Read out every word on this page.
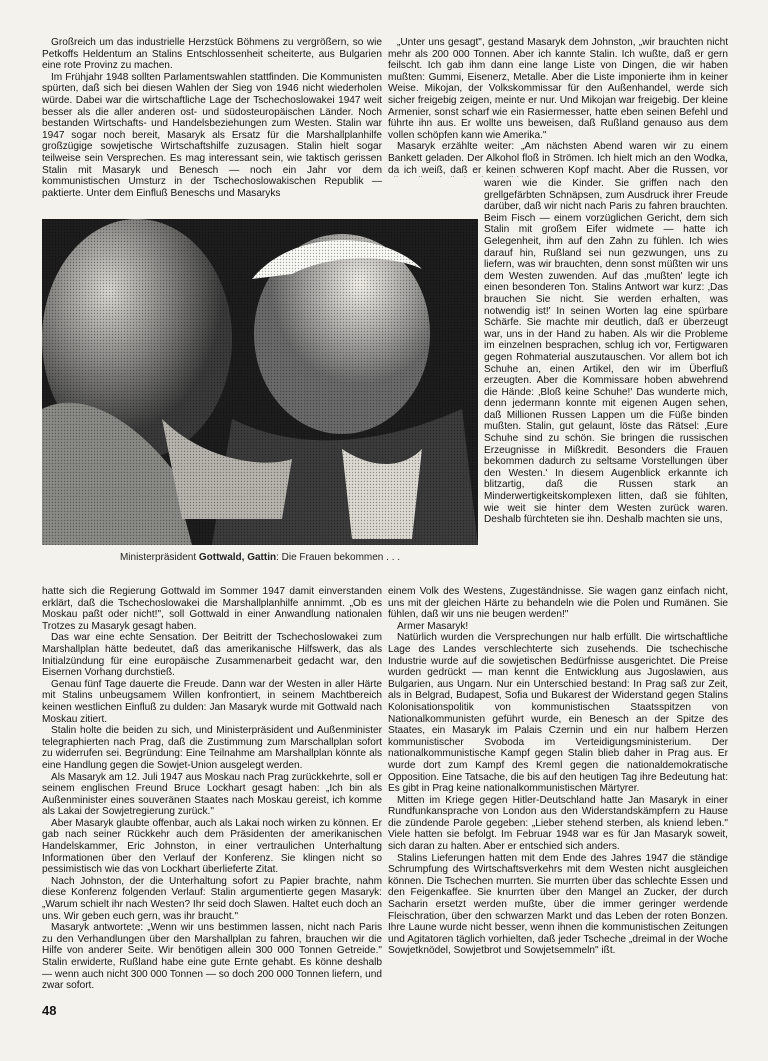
Großreich um das industrielle Herzstück Böhmens zu vergrößern, so wie Petkoffs Heldentum an Stalins Entschlossenheit scheiterte, aus Bulgarien eine rote Provinz zu machen.

Im Frühjahr 1948 sollten Parlamentswahlen stattfinden. Die Kommunisten spürten, daß sich bei diesen Wahlen der Sieg von 1946 nicht wiederholen würde. Dabei war die wirtschaftliche Lage der Tschechoslowakei 1947 weit besser als die aller anderen ost- und südosteuropäischen Länder. Noch bestanden Wirtschafts- und Handelsbeziehungen zum Westen. Stalin war 1947 sogar noch bereit, Masaryk als Ersatz für die Marshallplanhilfe großzügige sowjetische Wirtschaftshilfe zuzusagen. Stalin hielt sogar teilweise sein Versprechen. Es mag interessant sein, wie taktisch gerissen Stalin mit Masaryk und Benesch — noch ein Jahr vor dem kommunistischen Umsturz in der Tschechoslowakischen Republik — paktierte. Unter dem Einfluß Beneschs und Masaryks

„Unter uns gesagt", gestand Masaryk dem Johnston, „wir brauchten nicht mehr als 200 000 Tonnen. Aber ich kannte Stalin. Ich wußte, daß er gern feilscht. Ich gab ihm dann eine lange Liste von Dingen, die wir haben mußten: Gummi, Eisenerz, Metalle. Aber die Liste imponierte ihm in keiner Weise. Mikojan, der Volkskommissar für den Außenhandel, werde sich sicher freigebig zeigen, meinte er nur. Und Mikojan war freigebig. Der kleine Armenier, sonst scharf wie ein Rasiermesser, hatte eben seinen Befehl und führte ihn aus. Er wollte uns beweisen, daß Rußland genauso aus dem vollen schöpfen kann wie Amerika."

Masaryk erzählte weiter: „Am nächsten Abend waren wir zu einem Bankett geladen. Der Alkohol floß in Strömen. Ich hielt mich an den Wodka, da ich weiß, daß er keinen schweren Kopf macht. Aber die Russen, vor

waren wie die Kinder. Sie griffen nach den grellgefärbten Schnäpsen, zum Ausdruck ihrer Freude darüber, daß wir nicht nach Paris zu fahren brauchten. Beim Fisch — einem vorzüglichen Gericht, dem sich Stalin mit großem Eifer widmete — hatte ich Gelegenheit, ihm auf den Zahn zu fühlen. Ich wies darauf hin, Rußland sei nun gezwungen, uns zu liefern, was wir brauchten, denn sonst müßten wir uns dem Westen zuwenden. Auf das ‚mußten' legte ich einen besonderen Ton. Stalins Antwort war kurz: ‚Das brauchen Sie nicht. Sie werden erhalten, was notwendig ist!' In seinen Worten lag eine spürbare Schärfe. Sie machte mir deutlich, daß er überzeugt war, uns in der Hand zu haben. Als wir die Probleme im einzelnen besprachen, schlug ich vor, Fertigwaren gegen Rohmaterial auszutauschen. Vor allem bot ich Schuhe an, einen Artikel, den wir im Überfluß erzeugten. Aber die Kommissare hoben abwehrend die Hände: ‚Bloß keine Schuhe!' Das wunderte mich, denn jedermann konnte mit eigenen Augen sehen, daß Millionen Russen Lappen um die Füße binden mußten. Stalin, gut gelaunt, löste das Rätsel: ‚Eure Schuhe sind zu schön. Sie bringen die russischen Erzeugnisse in Mißkredit. Besonders die Frauen bekommen dadurch zu seltsame Vorstellungen über den Westen.' In diesem Augenblick erkannte ich blitzartig, daß die Russen stark an Minderwertigkeitskomplexen litten, daß sie fühlten, wie weit sie hinter dem Westen zurück waren. Deshalb fürchteten sie ihn. Deshalb machten sie uns,

Ministerpräsident Gottwald, Gattin: Die Frauen bekommen . . .

hatte sich die Regierung Gottwald im Sommer 1947 damit einverstanden erklärt, daß die Tschechoslowakei die Marshallplanhilfe annimmt. „Ob es Moskau paßt oder nicht!", soll Gottwald in einer Anwandlung nationalen Trotzes zu Masaryk gesagt haben.

Das war eine echte Sensation. Der Beitritt der Tschechoslowakei zum Marshallplan hätte bedeutet, daß das amerikanische Hilfswerk, das als Initialzündung für eine europäische Zusammenarbeit gedacht war, den Eisernen Vorhang durchstieß.

Genau fünf Tage dauerte die Freude. Dann war der Westen in aller Härte mit Stalins unbeugsamem Willen konfrontiert, in seinem Machtbereich keinen westlichen Einfluß zu dulden: Jan Masaryk wurde mit Gottwald nach Moskau zitiert.

Stalin holte die beiden zu sich, und Ministerpräsident und Außenminister telegraphierten nach Prag, daß die Zustimmung zum Marschallplan sofort zu widerrufen sei. Begründung: Eine Teilnahme am Marshallplan könnte als eine Handlung gegen die Sowjet-Union ausgelegt werden.

Als Masaryk am 12. Juli 1947 aus Moskau nach Prag zurückkehrte, soll er seinem englischen Freund Bruce Lockhart gesagt haben: „Ich bin als Außenminister eines souveränen Staates nach Moskau gereist, ich komme als Lakai der Sowjetregierung zurück."

Aber Masaryk glaubte offenbar, auch als Lakai noch wirken zu können. Er gab nach seiner Rückkehr auch dem Präsidenten der amerikanischen Handelskammer, Eric Johnston, in einer vertraulichen Unterhaltung Informationen über den Verlauf der Konferenz. Sie klingen nicht so pessimistisch wie das von Lockhart überlieferte Zitat.

Nach Johnston, der die Unterhaltung sofort zu Papier brachte, nahm diese Konferenz folgenden Verlauf: Stalin argumentierte gegen Masaryk: „Warum schielt ihr nach Westen? Ihr seid doch Slawen. Haltet euch doch an uns. Wir geben euch gern, was ihr braucht."

Masaryk antwortete: „Wenn wir uns bestimmen lassen, nicht nach Paris zu den Verhandlungen über den Marshallplan zu fahren, brauchen wir die Hilfe von anderer Seite. Wir benötigen allein 300 000 Tonnen Getreide." Stalin erwiderte, Rußland habe eine gute Ernte gehabt. Es könne deshalb — wenn auch nicht 300 000 Tonnen — so doch 200 000 Tonnen liefern, und zwar sofort.

einem Volk des Westens, Zugeständnisse. Sie wagen ganz einfach nicht, uns mit der gleichen Härte zu behandeln wie die Polen und Rumänen. Sie fühlen, daß wir uns nie beugen werden!"

Armer Masaryk!

Natürlich wurden die Versprechungen nur halb erfüllt. Die wirtschaftliche Lage des Landes verschlechterte sich zusehends. Die tschechische Industrie wurde auf die sowjetischen Bedürfnisse ausgerichtet. Die Preise wurden gedrückt — man kennt die Entwicklung aus Jugoslawien, aus Bulgarien, aus Ungarn. Nur ein Unterschied bestand: In Prag saß zur Zeit, als in Belgrad, Budapest, Sofia und Bukarest der Widerstand gegen Stalins Kolonisationspolitik von kommunistischen Staatsspitzen von Nationalkommunisten geführt wurde, ein Benesch an der Spitze des Staates, ein Masaryk im Palais Czernin und ein nur halbem Herzen kommunistischer Svoboda im Verteidigungsministerium. Der nationalkommunistische Kampf gegen Stalin blieb daher in Prag aus. Er wurde dort zum Kampf des Kreml gegen die nationaldemokratische Opposition. Eine Tatsache, die bis auf den heutigen Tag ihre Bedeutung hat: Es gibt in Prag keine nationalkommunistischen Märtyrer.

Mitten im Kriege gegen Hitler-Deutschland hatte Jan Masaryk in einer Rundfunkansprache von London aus den Widerstandskämpfern zu Hause die zündende Parole gegeben: „Lieber stehend sterben, als kniend leben." Viele hatten sie befolgt. Im Februar 1948 war es für Jan Masaryk soweit, sich daran zu halten. Aber er entschied sich anders.

Stalins Lieferungen hatten mit dem Ende des Jahres 1947 die ständige Schrumpfung des Wirtschaftsverkehrs mit dem Westen nicht ausgleichen können. Die Tschechen murrten. Sie murrten über das schlechte Essen und den Feigenkaffee. Sie knurrten über den Mangel an Zucker, der durch Sacharin ersetzt werden mußte, über die immer geringer werdende Fleischration, über den schwarzen Markt und das Leben der roten Bonzen. Ihre Laune wurde nicht besser, wenn ihnen die kommunistischen Zeitungen und Agitatoren täglich vorhielten, daß jeder Tscheche „dreimal in der Woche Sowjetknödel, Sowjetbrot und Sowjetsemmeln" ißt.

48
